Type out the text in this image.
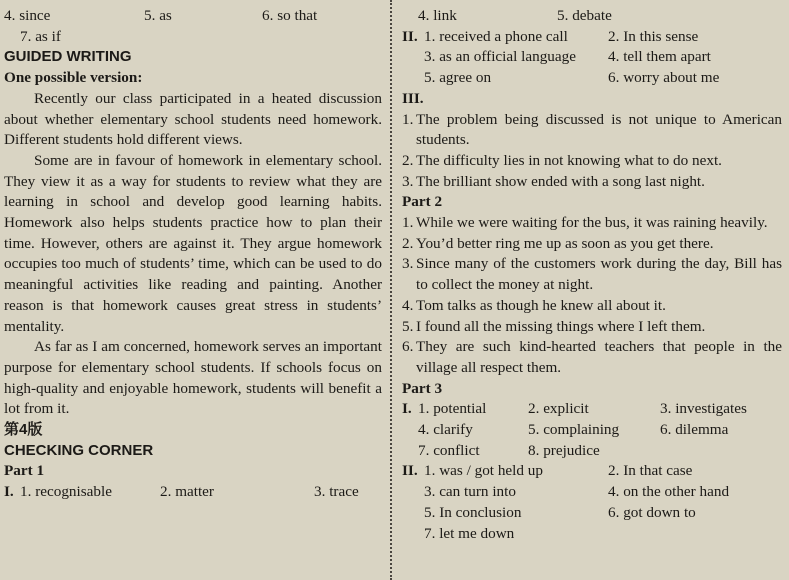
4. since	5. as	6. so that
7. as if
GUIDED WRITING
One possible version:

Recently our class participated in a heated discussion about whether elementary school students need homework. Different students hold different views.

Some are in favour of homework in elementary school. They view it as a way for students to review what they are learning in school and develop good learning habits. Homework also helps students practice how to plan their time. However, others are against it. They argue homework occupies too much of students’ time, which can be used to do meaningful activities like reading and painting. Another reason is that homework causes great stress in students’ mentality.

As far as I am concerned, homework serves an important purpose for elementary school students. If schools focus on high-quality and enjoyable homework, students will benefit a lot from it.

第4版
CHECKING CORNER
Part 1
I. 1. recognisable	2. matter	3. trace
4. link	5. debate
II. 1. received a phone call	2. In this sense
3. as an official language	4. tell them apart
5. agree on	6. worry about me
III.
1. The problem being discussed is not unique to American students.
2. The difficulty lies in not knowing what to do next.
3. The brilliant show ended with a song last night.
Part 2
1. While we were waiting for the bus, it was raining heavily.
2. You’d better ring me up as soon as you get there.
3. Since many of the customers work during the day, Bill has to collect the money at night.
4. Tom talks as though he knew all about it.
5. I found all the missing things where I left them.
6. They are such kind-hearted teachers that people in the village all respect them.
Part 3
I. 1. potential	2. explicit	3. investigates
4. clarify	5. complaining	6. dilemma
7. conflict	8. prejudice
II. 1. was / got held up	2. In that case
3. can turn into	4. on the other hand
5. In conclusion	6. got down to
7. let me down
